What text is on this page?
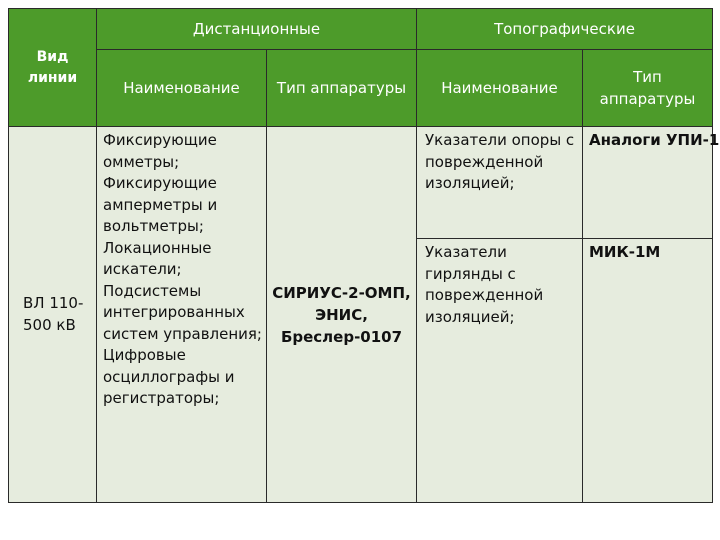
Вид линии	Дистанционные		Топографические	
	Наименование	Тип аппаратуры	Наименование	Тип аппаратуры
ВЛ 110-500 кВ	Фиксирующие омметры; Фиксирующие амперметры и вольтметры; Локационные искатели; Подсистемы интегрированных систем управления; Цифровые осциллографы и регистраторы;	СИРИУС-2-ОМП, ЭНИС, Бреслер-0107	Указатели опоры с поврежденной изоляцией;	Аналоги УПИ-1
			Указатели гирлянды с поврежденной изоляцией;	МИК-1М
